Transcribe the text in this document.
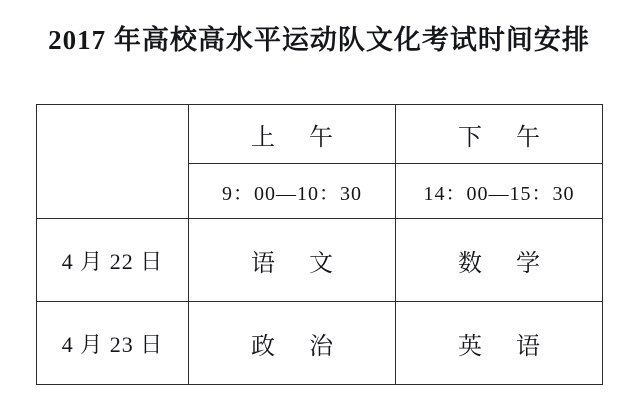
2017 年高校高水平运动队文化考试时间安排
	上 午	下 午
	9：00—10：30	14：00—15：30
4 月 22 日	语 文	数 学
4 月 23 日	政 治	英 语
